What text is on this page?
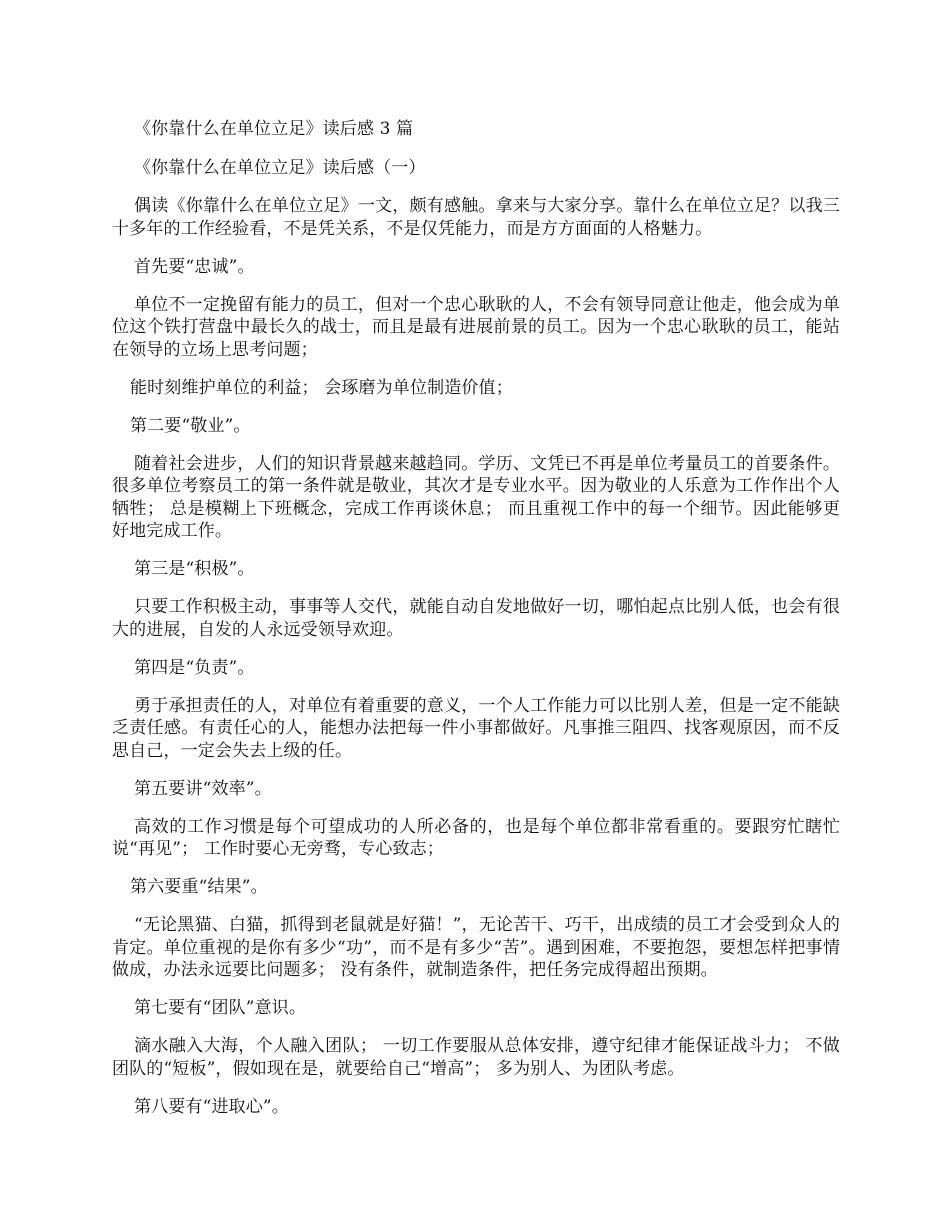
《你靠什么在单位立足》读后感 3 篇

《你靠什么在单位立足》读后感（一）

偶读《你靠什么在单位立足》一文，颇有感触。拿来与大家分享。靠什么在单位立足？以我三十多年的工作经验看，不是凭关系，不是仅凭能力，而是方方面面的人格魅力。

首先要“忠诚”。

单位不一定挽留有能力的员工，但对一个忠心耿耿的人，不会有领导同意让他走，他会成为单位这个铁打营盘中最长久的战士，而且是最有进展前景的员工。因为一个忠心耿耿的员工，能站在领导的立场上思考问题；

能时刻维护单位的利益； 会琢磨为单位制造价值；

第二要“敬业”。

随着社会进步，人们的知识背景越来越趋同。学历、文凭已不再是单位考量员工的首要条件。很多单位考察员工的第一条件就是敬业，其次才是专业水平。因为敬业的人乐意为工作作出个人牺牲； 总是模糊上下班概念，完成工作再谈休息； 而且重视工作中的每一个细节。因此能够更好地完成工作。

第三是“积极”。

只要工作积极主动，事事等人交代，就能自动自发地做好一切，哪怕起点比别人低，也会有很大的进展，自发的人永远受领导欢迎。

第四是“负责”。

勇于承担责任的人，对单位有着重要的意义，一个人工作能力可以比别人差，但是一定不能缺乏责任感。有责任心的人，能想办法把每一件小事都做好。凡事推三阻四、找客观原因，而不反思自己，一定会失去上级的任。

第五要讲“效率”。

高效的工作习惯是每个可望成功的人所必备的，也是每个单位都非常看重的。要跟穷忙瞎忙说“再见”； 工作时要心无旁骛，专心致志；

第六要重“结果”。

“无论黑猫、白猫，抓得到老鼠就是好猫！”，无论苦干、巧干，出成绩的员工才会受到众人的肯定。单位重视的是你有多少“功”，而不是有多少“苦”。遇到困难，不要抱怨，要想怎样把事情做成，办法永远要比问题多； 没有条件，就制造条件，把任务完成得超出预期。

第七要有“团队”意识。

滴水融入大海，个人融入团队； 一切工作要服从总体安排，遵守纪律才能保证战斗力； 不做团队的“短板”，假如现在是，就要给自己“增高”； 多为别人、为团队考虑。

第八要有“进取心”。
